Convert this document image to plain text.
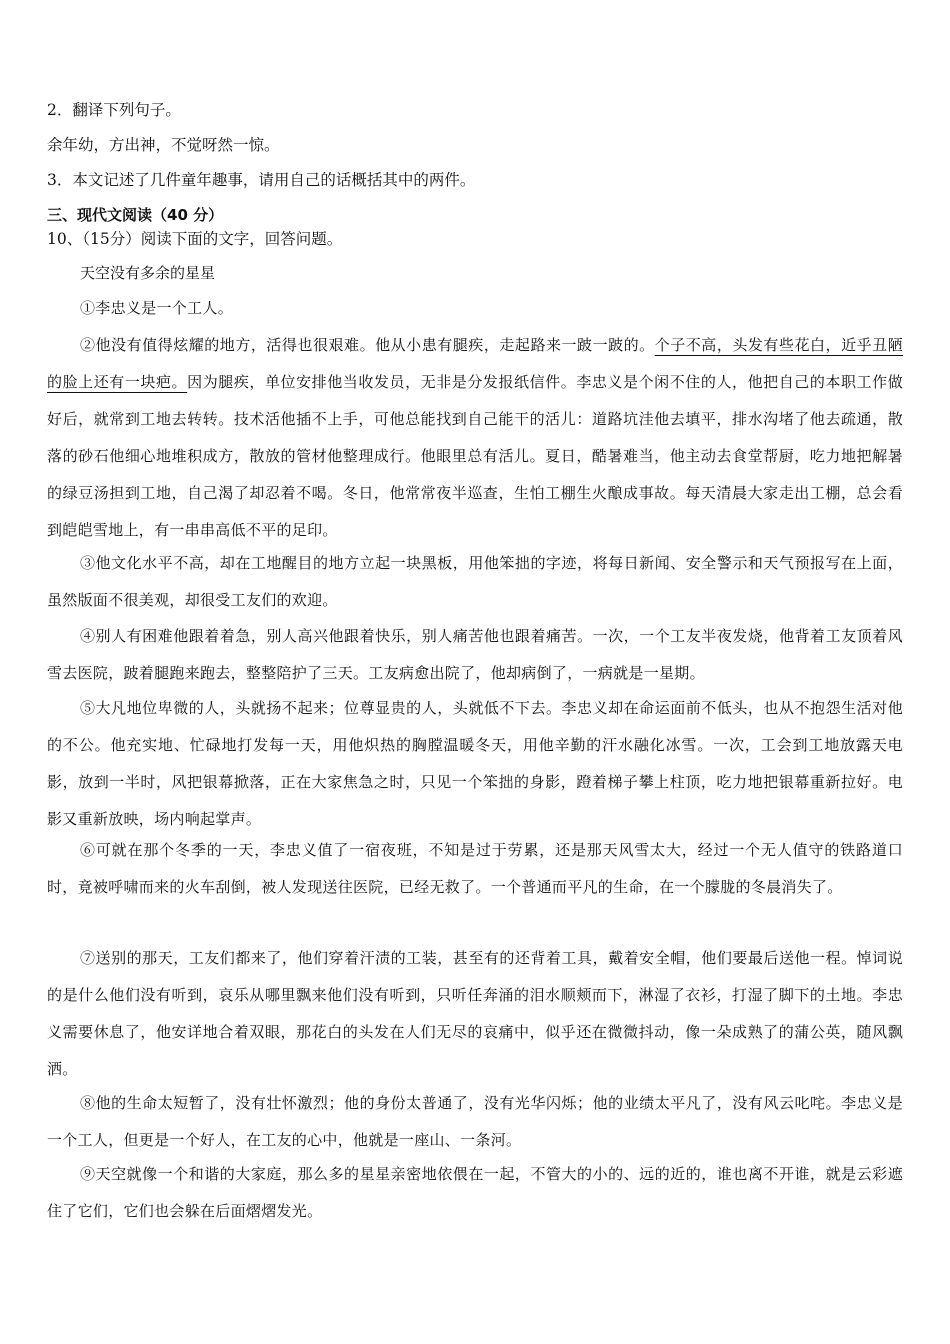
2．翻译下列句子。
余年幼，方出神，不觉呀然一惊。
3．本文记述了几件童年趣事，请用自己的话概括其中的两件。
三、现代文阅读（40 分）
10、（15分）阅读下面的文字，回答问题。
天空没有多余的星星
①李忠义是一个工人。
②他没有值得炫耀的地方，活得也很艰难。他从小患有腿疾，走起路来一跛一跛的。个子不高，头发有些花白，近乎丑陋的脸上还有一块疤。因为腿疾，单位安排他当收发员，无非是分发报纸信件。李忠义是个闲不住的人，他把自己的本职工作做好后，就常到工地去转转。技术活他插不上手，可他总能找到自己能干的活儿：道路坑洼他去填平，排水沟堵了他去疏通，散落的砂石他细心地堆积成方，散放的管材他整理成行。他眼里总有活儿。夏日，酷暑难当，他主动去食堂帮厨，吃力地把解暑的绿豆汤担到工地，自己渴了却忍着不喝。冬日，他常常夜半巡查，生怕工棚生火酿成事故。每天清晨大家走出工棚，总会看到皑皑雪地上，有一串串高低不平的足印。
③他文化水平不高，却在工地醒目的地方立起一块黑板，用他笨拙的字迹，将每日新闻、安全警示和天气预报写在上面，虽然版面不很美观，却很受工友们的欢迎。
④别人有困难他跟着着急，别人高兴他跟着快乐，别人痛苦他也跟着痛苦。一次，一个工友半夜发烧，他背着工友顶着风雪去医院，跛着腿跑来跑去，整整陪护了三天。工友病愈出院了，他却病倒了，一病就是一星期。
⑤大凡地位卑微的人，头就扬不起来；位尊显贵的人，头就低不下去。李忠义却在命运面前不低头，也从不抱怨生活对他的不公。他充实地、忙碌地打发每一天，用他炽热的胸膛温暖冬天，用他辛勤的汗水融化冰雪。一次，工会到工地放露天电影，放到一半时，风把银幕掀落，正在大家焦急之时，只见一个笨拙的身影，蹬着梯子攀上柱顶，吃力地把银幕重新拉好。电影又重新放映，场内响起掌声。
⑥可就在那个冬季的一天，李忠义值了一宿夜班，不知是过于劳累，还是那天风雪太大，经过一个无人值守的铁路道口时，竟被呼啸而来的火车刮倒，被人发现送往医院，已经无救了。一个普通而平凡的生命，在一个朦胧的冬晨消失了。
⑦送别的那天，工友们都来了，他们穿着汗渍的工装，甚至有的还背着工具，戴着安全帽，他们要最后送他一程。悼词说的是什么他们没有听到，哀乐从哪里飘来他们没有听到，只听任奔涌的泪水顺颊而下，淋湿了衣衫，打湿了脚下的土地。李忠义需要休息了，他安详地合着双眼，那花白的头发在人们无尽的哀痛中，似乎还在微微抖动，像一朵成熟了的蒲公英，随风飘洒。
⑧他的生命太短暂了，没有壮怀激烈；他的身份太普通了，没有光华闪烁；他的业绩太平凡了，没有风云叱咤。李忠义是一个工人，但更是一个好人，在工友的心中，他就是一座山、一条河。
⑨天空就像一个和谐的大家庭，那么多的星星亲密地依偎在一起，不管大的小的、远的近的，谁也离不开谁，就是云彩遮住了它们，它们也会躲在后面熠熠发光。
